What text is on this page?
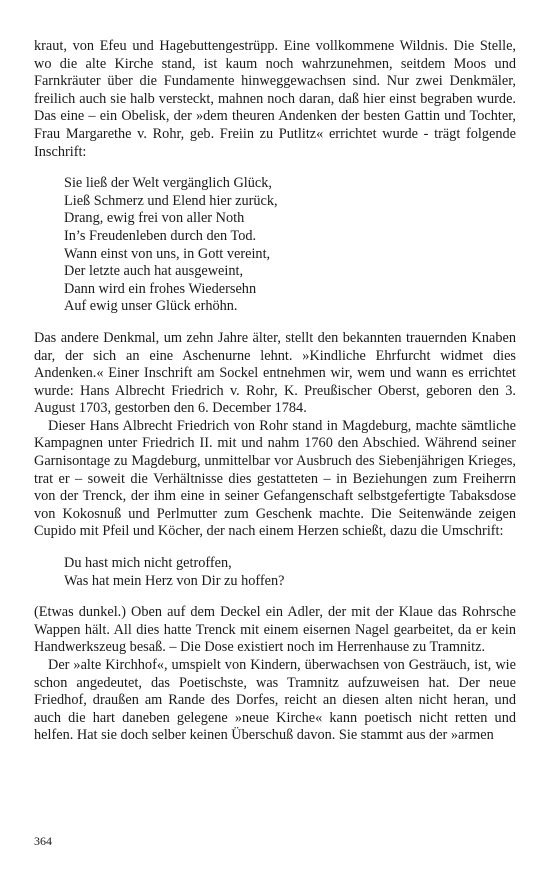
kraut, von Efeu und Hagebuttengestrüpp. Eine vollkommene Wildnis. Die Stelle, wo die alte Kirche stand, ist kaum noch wahrzunehmen, seitdem Moos und Farnkräuter über die Fundamente hinweggewachsen sind. Nur zwei Denkmäler, freilich auch sie halb versteckt, mahnen noch daran, daß hier einst begraben wurde. Das eine – ein Obelisk, der »dem theuren Andenken der besten Gattin und Tochter, Frau Margarethe v. Rohr, geb. Freiin zu Putlitz« errichtet wurde - trägt folgende Inschrift:

Sie ließ der Welt vergänglich Glück,
Ließ Schmerz und Elend hier zurück,
Drang, ewig frei von aller Noth
In’s Freudenleben durch den Tod.
Wann einst von uns, in Gott vereint,
Der letzte auch hat ausgeweint,
Dann wird ein frohes Wiedersehn
Auf ewig unser Glück erhöhn.

Das andere Denkmal, um zehn Jahre älter, stellt den bekannten trauernden Knaben dar, der sich an eine Aschenurne lehnt. »Kindliche Ehrfurcht widmet dies Andenken.« Einer Inschrift am Sockel entnehmen wir, wem und wann es errichtet wurde: Hans Albrecht Friedrich v. Rohr, K. Preußischer Oberst, geboren den 3. August 1703, gestorben den 6. December 1784.

Dieser Hans Albrecht Friedrich von Rohr stand in Magdeburg, machte sämtliche Kampagnen unter Friedrich II. mit und nahm 1760 den Abschied. Während seiner Garnisontage zu Magdeburg, unmittelbar vor Ausbruch des Siebenjährigen Krieges, trat er – soweit die Verhältnisse dies gestatteten – in Beziehungen zum Freiherrn von der Trenck, der ihm eine in seiner Gefangenschaft selbstgefertigte Tabaksdose von Kokosnuß und Perlmutter zum Geschenk machte. Die Seitenwände zeigen Cupido mit Pfeil und Köcher, der nach einem Herzen schießt, dazu die Umschrift:

Du hast mich nicht getroffen,
Was hat mein Herz von Dir zu hoffen?

(Etwas dunkel.) Oben auf dem Deckel ein Adler, der mit der Klaue das Rohrsche Wappen hält. All dies hatte Trenck mit einem eisernen Nagel gearbeitet, da er kein Handwerkszeug besaß. – Die Dose existiert noch im Herrenhause zu Tramnitz.

Der »alte Kirchhof«, umspielt von Kindern, überwachsen von Gesträuch, ist, wie schon angedeutet, das Poetischste, was Tramnitz aufzuweisen hat. Der neue Friedhof, draußen am Rande des Dorfes, reicht an diesen alten nicht heran, und auch die hart daneben gelegene »neue Kirche« kann poetisch nicht retten und helfen. Hat sie doch selber keinen Überschuß davon. Sie stammt aus der »armen

364
